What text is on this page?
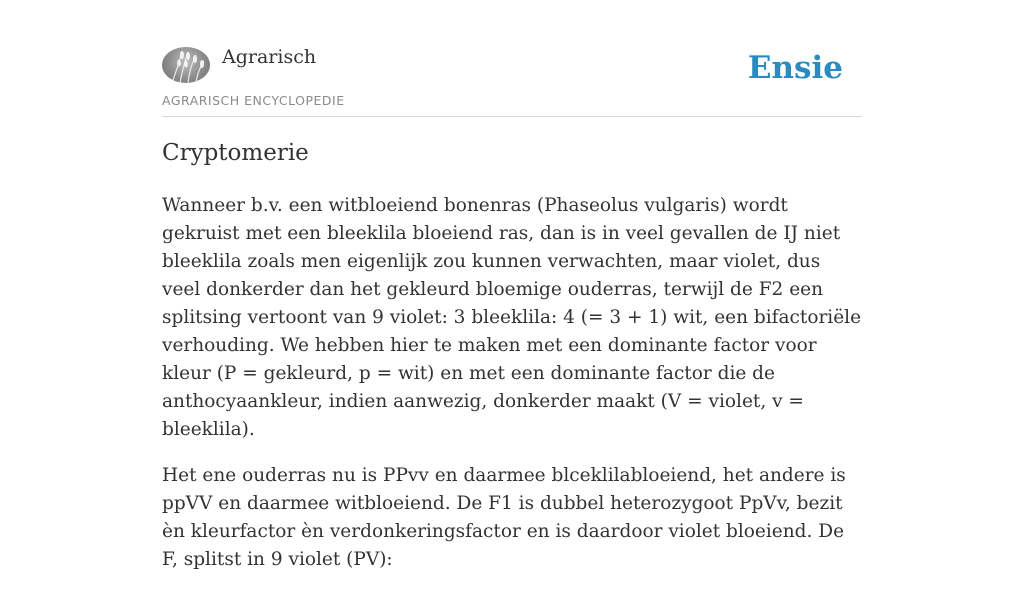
Agrarisch
AGRARISCH ENCYCLOPEDIE
Ensie
Cryptomerie

Wanneer b.v. een witbloeiend bonenras (Phaseolus vulgaris) wordt gekruist met een bleeklila bloeiend ras, dan is in veel gevallen de IJ niet bleeklila zoals men eigenlijk zou kunnen verwachten, maar violet, dus veel donkerder dan het gekleurd bloemige ouderras, terwijl de F2 een splitsing vertoont van 9 violet: 3 bleeklila: 4 (= 3 + 1) wit, een bifactoriële verhouding. We hebben hier te maken met een dominante factor voor kleur (P = gekleurd, p = wit) en met een dominante factor die de anthocyaankleur, indien aanwezig, donkerder maakt (V = violet, v = bleeklila).

Het ene ouderras nu is PPvv en daarmee blceklilabloeiend, het andere is ppVV en daarmee witbloeiend. De F1 is dubbel heterozygoot PpVv, bezit èn kleurfactor èn verdonkeringsfactor en is daardoor violet bloeiend. De F, splitst in 9 violet (PV):
